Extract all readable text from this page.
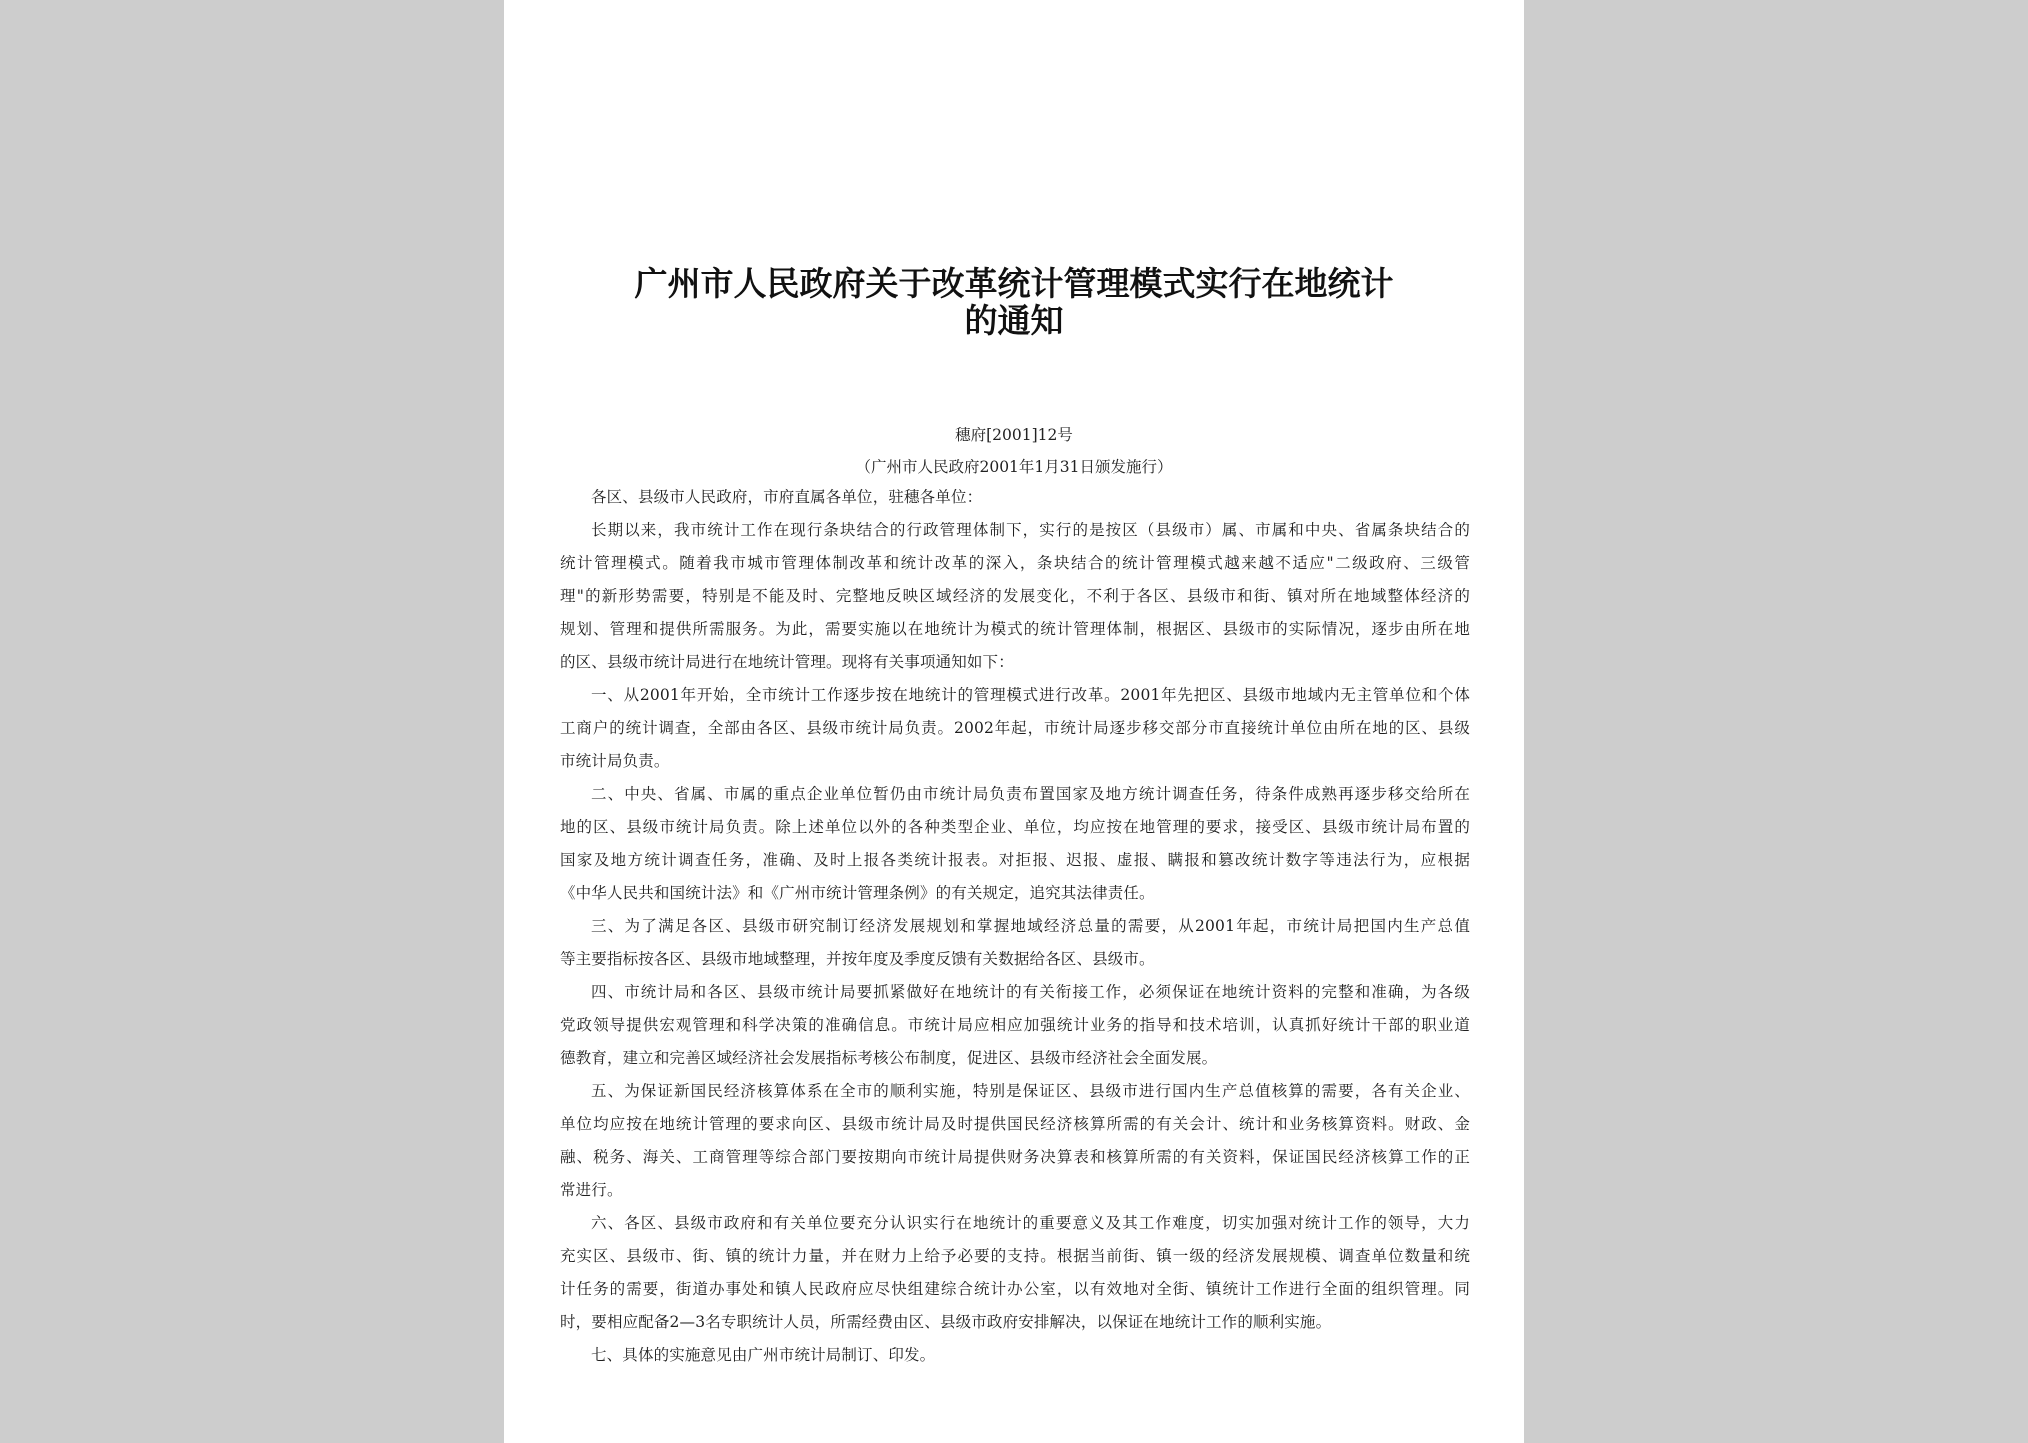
广州市人民政府关于改革统计管理模式实行在地统计
的通知
穗府[2001]12号
（广州市人民政府2001年1月31日颁发施行）
各区、县级市人民政府，市府直属各单位，驻穗各单位：
长期以来，我市统计工作在现行条块结合的行政管理体制下，实行的是按区（县级市）属、市属和中央、省属条块结合的
统计管理模式。随着我市城市管理体制改革和统计改革的深入，条块结合的统计管理模式越来越不适应"二级政府、三级管
理"的新形势需要，特别是不能及时、完整地反映区域经济的发展变化，不利于各区、县级市和街、镇对所在地域整体经济的
规划、管理和提供所需服务。为此，需要实施以在地统计为模式的统计管理体制，根据区、县级市的实际情况，逐步由所在地
的区、县级市统计局进行在地统计管理。现将有关事项通知如下：
一、从2001年开始，全市统计工作逐步按在地统计的管理模式进行改革。2001年先把区、县级市地域内无主管单位和个体
工商户的统计调查，全部由各区、县级市统计局负责。2002年起，市统计局逐步移交部分市直接统计单位由所在地的区、县级
市统计局负责。
二、中央、省属、市属的重点企业单位暂仍由市统计局负责布置国家及地方统计调查任务，待条件成熟再逐步移交给所在
地的区、县级市统计局负责。除上述单位以外的各种类型企业、单位，均应按在地管理的要求，接受区、县级市统计局布置的
国家及地方统计调查任务，准确、及时上报各类统计报表。对拒报、迟报、虚报、瞒报和篡改统计数字等违法行为，应根据
《中华人民共和国统计法》和《广州市统计管理条例》的有关规定，追究其法律责任。
三、为了满足各区、县级市研究制订经济发展规划和掌握地域经济总量的需要，从2001年起，市统计局把国内生产总值
等主要指标按各区、县级市地域整理，并按年度及季度反馈有关数据给各区、县级市。
四、市统计局和各区、县级市统计局要抓紧做好在地统计的有关衔接工作，必须保证在地统计资料的完整和准确，为各级
党政领导提供宏观管理和科学决策的准确信息。市统计局应相应加强统计业务的指导和技术培训，认真抓好统计干部的职业道
德教育，建立和完善区域经济社会发展指标考核公布制度，促进区、县级市经济社会全面发展。
五、为保证新国民经济核算体系在全市的顺利实施，特别是保证区、县级市进行国内生产总值核算的需要，各有关企业、
单位均应按在地统计管理的要求向区、县级市统计局及时提供国民经济核算所需的有关会计、统计和业务核算资料。财政、金
融、税务、海关、工商管理等综合部门要按期向市统计局提供财务决算表和核算所需的有关资料，保证国民经济核算工作的正
常进行。
六、各区、县级市政府和有关单位要充分认识实行在地统计的重要意义及其工作难度，切实加强对统计工作的领导，大力
充实区、县级市、街、镇的统计力量，并在财力上给予必要的支持。根据当前街、镇一级的经济发展规模、调查单位数量和统
计任务的需要，街道办事处和镇人民政府应尽快组建综合统计办公室，以有效地对全街、镇统计工作进行全面的组织管理。同
时，要相应配备2—3名专职统计人员，所需经费由区、县级市政府安排解决，以保证在地统计工作的顺利实施。
七、具体的实施意见由广州市统计局制订、印发。
